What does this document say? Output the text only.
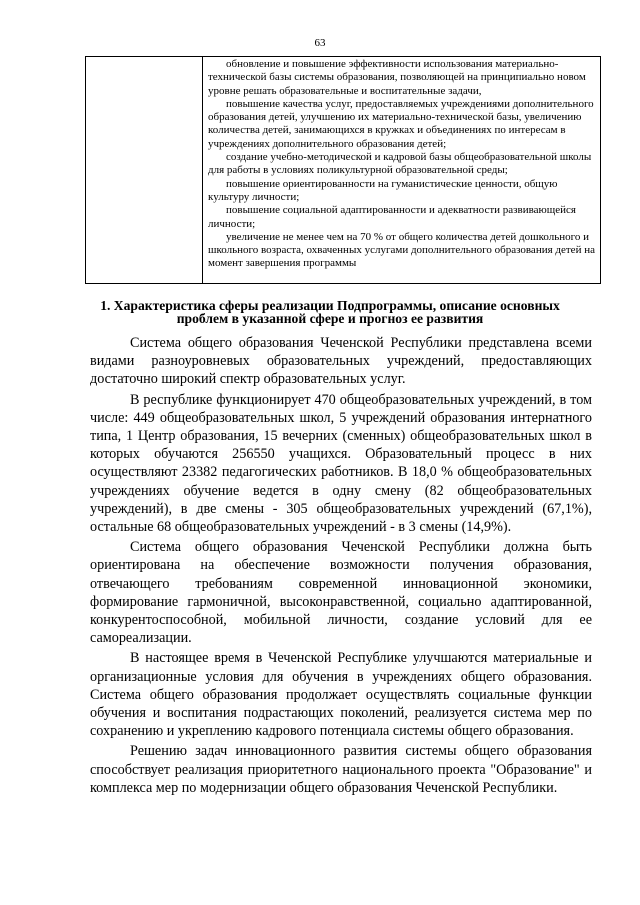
63

обновление и повышение эффективности использования материально-технической базы системы образования, позволяющей на принципиально новом уровне решать образовательные и воспитательные задачи,

повышение качества услуг, предоставляемых учреждениями дополнительного образования детей, улучшению их материально-технической базы, увеличению количества детей, занимающихся в кружках и объединениях по интересам в учреждениях дополнительного образования детей;

создание учебно-методической и кадровой базы общеобразовательной школы для работы в условиях поликультурной образовательной среды;

повышение ориентированности на гуманистические ценности, общую культуру личности;

повышение социальной адаптированности и адекватности развивающейся личности;

увеличение не менее чем на 70 % от общего количества детей дошкольного и школьного возраста, охваченных услугами дополнительного образования детей на момент завершения программы

1. Характеристика сферы реализации Подпрограммы, описание основных проблем в указанной сфере и прогноз ее развития

Система общего образования Чеченской Республики представлена всеми видами разноуровневых образовательных учреждений, предоставляющих достаточно широкий спектр образовательных услуг.

В республике функционирует 470 общеобразовательных учреждений, в том числе: 449 общеобразовательных школ, 5 учреждений образования интернатного типа, 1 Центр образования, 15 вечерних (сменных) общеобразовательных школ в которых обучаются 256550 учащихся. Образовательный процесс в них осуществляют 23382 педагогических работников. В 18,0 % общеобразовательных учреждениях обучение ведется в одну смену (82 общеобразовательных учреждений), в две смены - 305 общеобразовательных учреждений (67,1%), остальные 68 общеобразовательных учреждений - в 3 смены (14,9%).

Система общего образования Чеченской Республики должна быть ориентирована на обеспечение возможности получения образования, отвечающего требованиям современной инновационной экономики, формирование гармоничной, высоконравственной, социально адаптированной, конкурентоспособной, мобильной личности, создание условий для ее самореализации.

В настоящее время в Чеченской Республике улучшаются материальные и организационные условия для обучения в учреждениях общего образования. Система общего образования продолжает осуществлять социальные функции обучения и воспитания подрастающих поколений, реализуется система мер по сохранению и укреплению кадрового потенциала системы общего образования.

Решению задач инновационного развития системы общего образования способствует реализация приоритетного национального проекта "Образование" и комплекса мер по модернизации общего образования Чеченской Республики.
